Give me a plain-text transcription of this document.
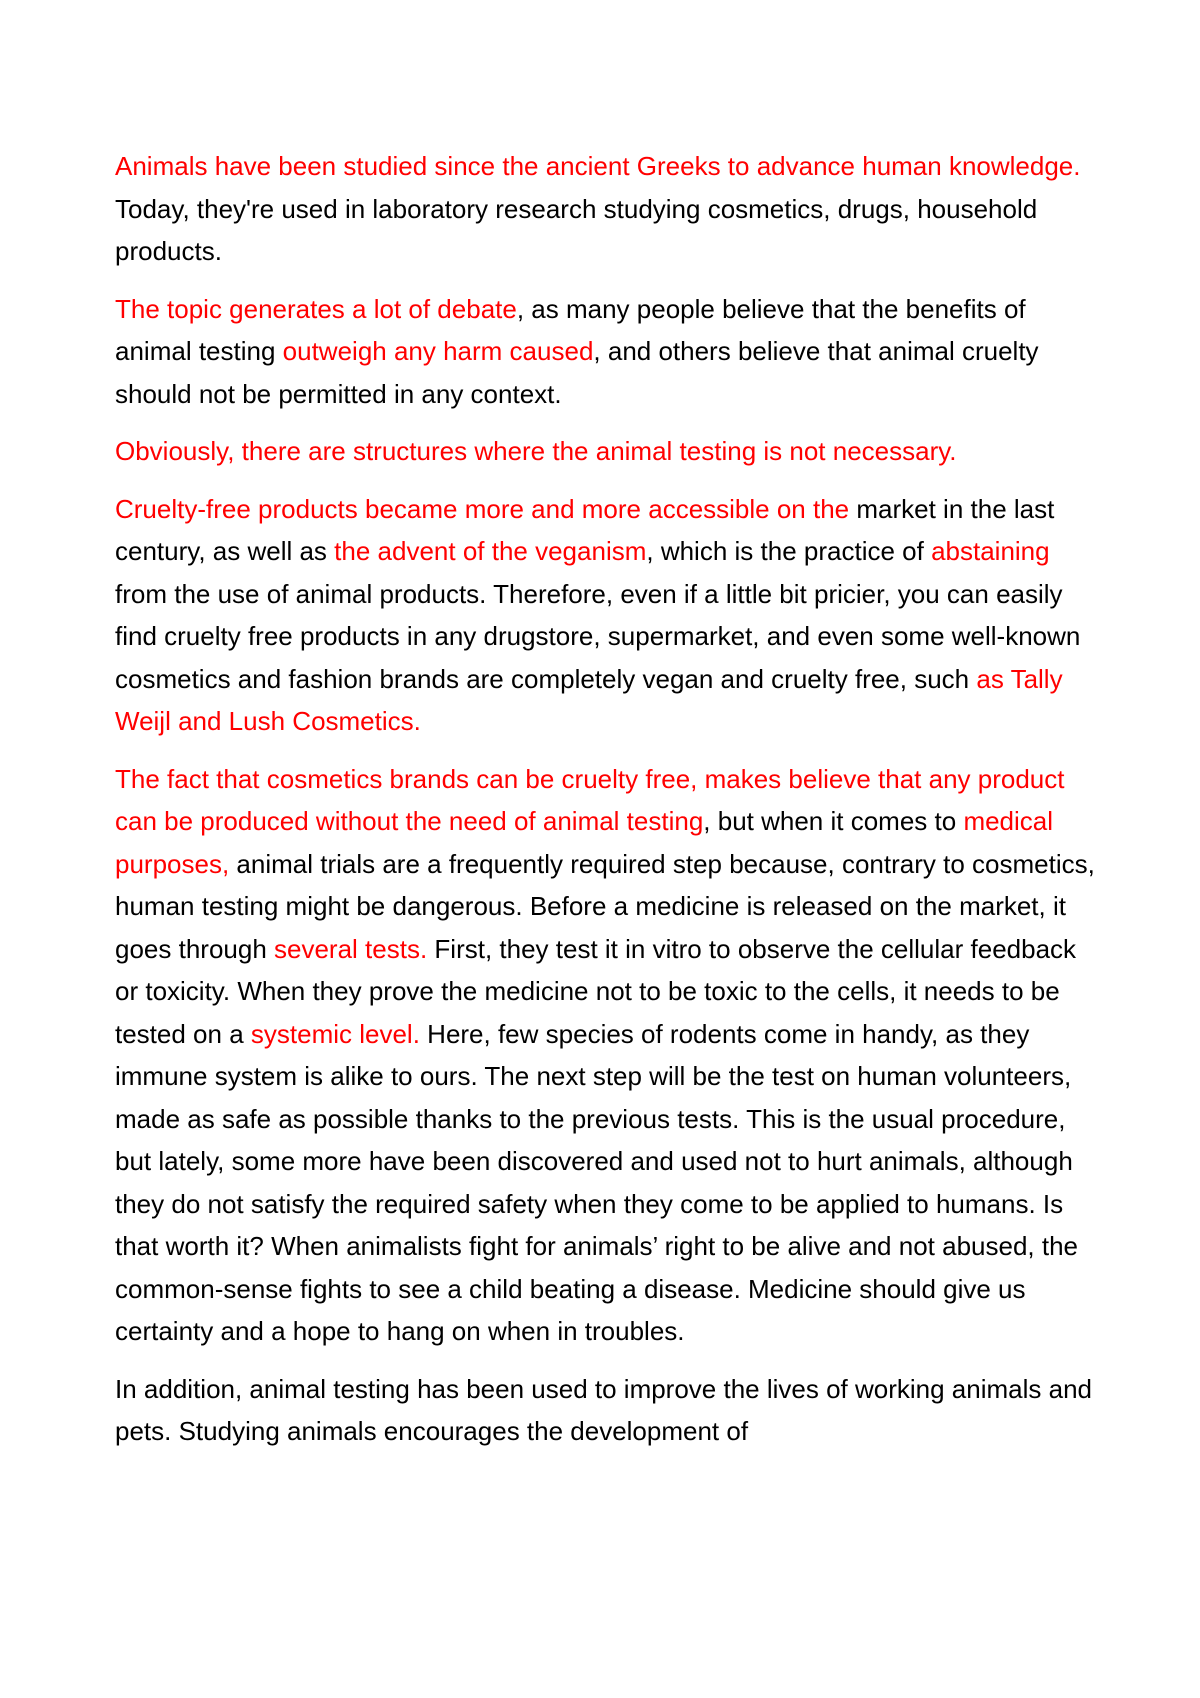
Animals have been studied since the ancient Greeks to advance human knowledge. Today, they're used in laboratory research studying cosmetics, drugs, household products.

The topic generates a lot of debate, as many people believe that the benefits of animal testing outweigh any harm caused, and others believe that animal cruelty should not be permitted in any context.

Obviously, there are structures where the animal testing is not necessary.

Cruelty-free products became more and more accessible on the market in the last century, as well as the advent of the veganism, which is the practice of abstaining from the use of animal products. Therefore, even if a little bit pricier, you can easily find cruelty free products in any drugstore, supermarket, and even some well-known cosmetics and fashion brands are completely vegan and cruelty free, such as Tally Weijl and Lush Cosmetics.

The fact that cosmetics brands can be cruelty free, makes believe that any product can be produced without the need of animal testing, but when it comes to medical purposes, animal trials are a frequently required step because, contrary to cosmetics, human testing might be dangerous. Before a medicine is released on the market, it goes through several tests. First, they test it in vitro to observe the cellular feedback or toxicity. When they prove the medicine not to be toxic to the cells, it needs to be tested on a systemic level. Here, few species of rodents come in handy, as they immune system is alike to ours. The next step will be the test on human volunteers, made as safe as possible thanks to the previous tests. This is the usual procedure, but lately, some more have been discovered and used not to hurt animals, although they do not satisfy the required safety when they come to be applied to humans. Is that worth it? When animalists fight for animals’ right to be alive and not abused, the common-sense fights to see a child beating a disease. Medicine should give us certainty and a hope to hang on when in troubles.

In addition, animal testing has been used to improve the lives of working animals and pets. Studying animals encourages the development of
